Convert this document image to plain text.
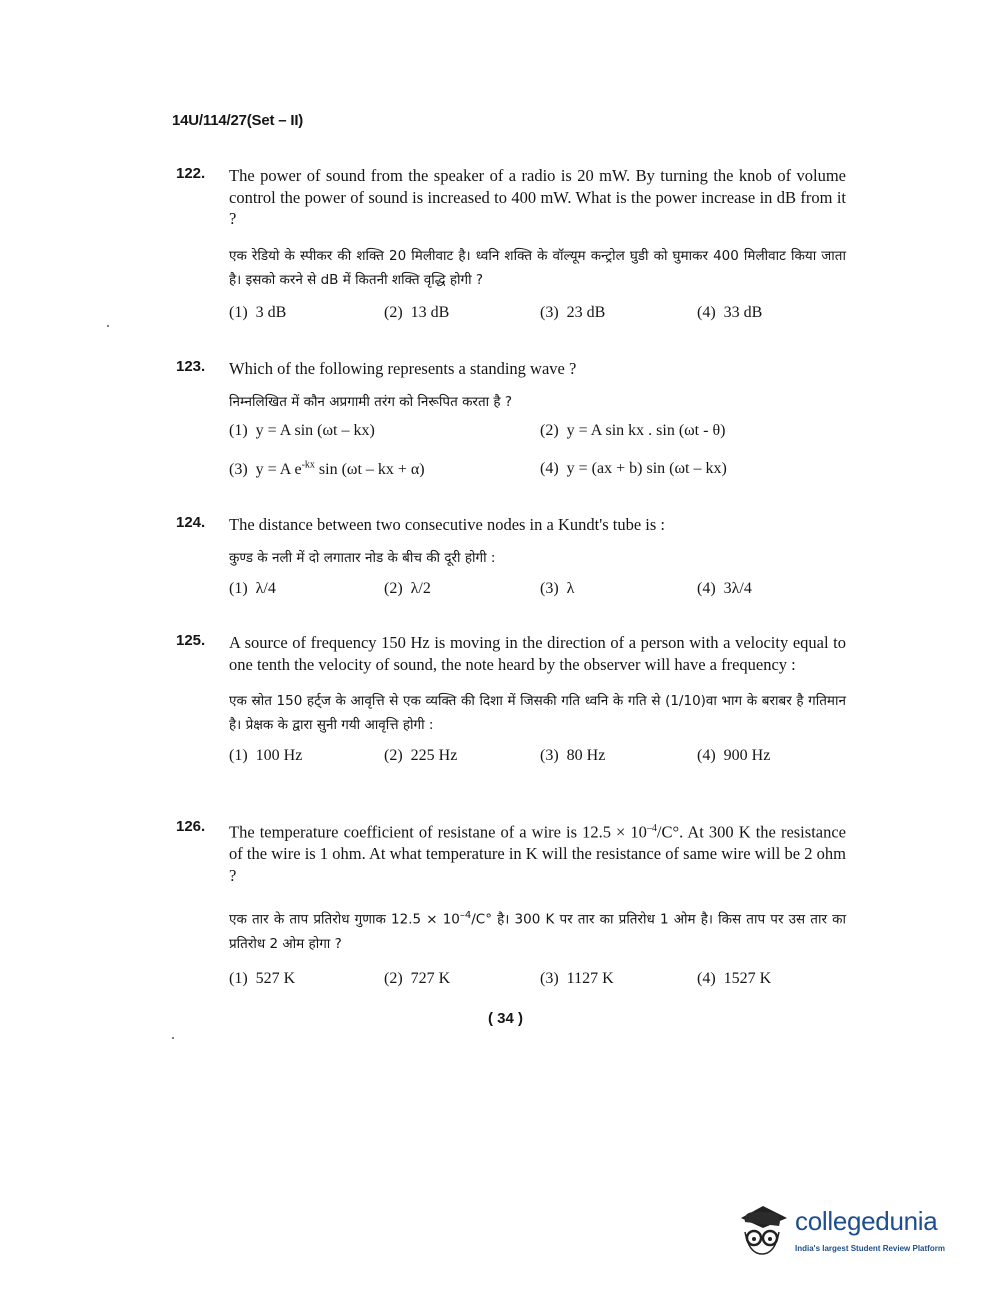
14U/114/27(Set – II)
122. The power of sound from the speaker of a radio is 20 mW. By turning the knob of volume control the power of sound is increased to 400 mW. What is the power increase in dB from it ?
एक रेडियो के स्पीकर की शक्ति 20 मिलीवाट है। ध्वनि शक्ति के वॉल्यूम कन्ट्रोल घुडी को घुमाकर 400 मिलीवाट किया जाता है। इसको करने से dB में कितनी शक्ति वृद्धि होगी ?
(1) 3 dB	(2) 13 dB	(3) 23 dB	(4) 33 dB
123. Which of the following represents a standing wave ?
निम्नलिखित में कौन अप्रगामी तरंग को निरूपित करता है ?
(1) y = A sin (ωt – kx)	(2) y = A sin kx . sin (ωt - θ)
(3) y = A $e^{-kx}$ sin (ωt – kx + α)	(4) y = (ax + b) sin (ωt – kx)
124. The distance between two consecutive nodes in a Kundt's tube is :
कुण्ड के नली में दो लगातार नोड के बीच की दूरी होगी :
(1) λ/4	(2) λ/2	(3) λ	(4) 3λ/4
125. A source of frequency 150 Hz is moving in the direction of a person with a velocity equal to one tenth the velocity of sound, the note heard by the observer will have a frequency :
एक स्रोत 150 हर्ट्ज के आवृत्ति से एक व्यक्ति की दिशा में जिसकी गति ध्वनि के गति से (1/10)वा भाग के बराबर है गतिमान है। प्रेक्षक के द्वारा सुनी गयी आवृत्ति होगी :
(1) 100 Hz	(2) 225 Hz	(3) 80 Hz	(4) 900 Hz
126. The temperature coefficient of resistane of a wire is $12.5 \times 10^{-4}/C^\circ$. At 300 K the resistance of the wire is 1 ohm. At what temperature in K will the resistance of same wire will be 2 ohm ?
एक तार के ताप प्रतिरोध गुणाक $12.5 \times 10^{-4}/C^\circ$ है। 300 K पर तार का प्रतिरोध 1 ओम है। किस ताप पर उस तार का प्रतिरोध 2 ओम होगा ?
(1) 527 K	(2) 727 K	(3) 1127 K	(4) 1527 K
( 34 )
collegedunia
India's largest Student Review Platform
